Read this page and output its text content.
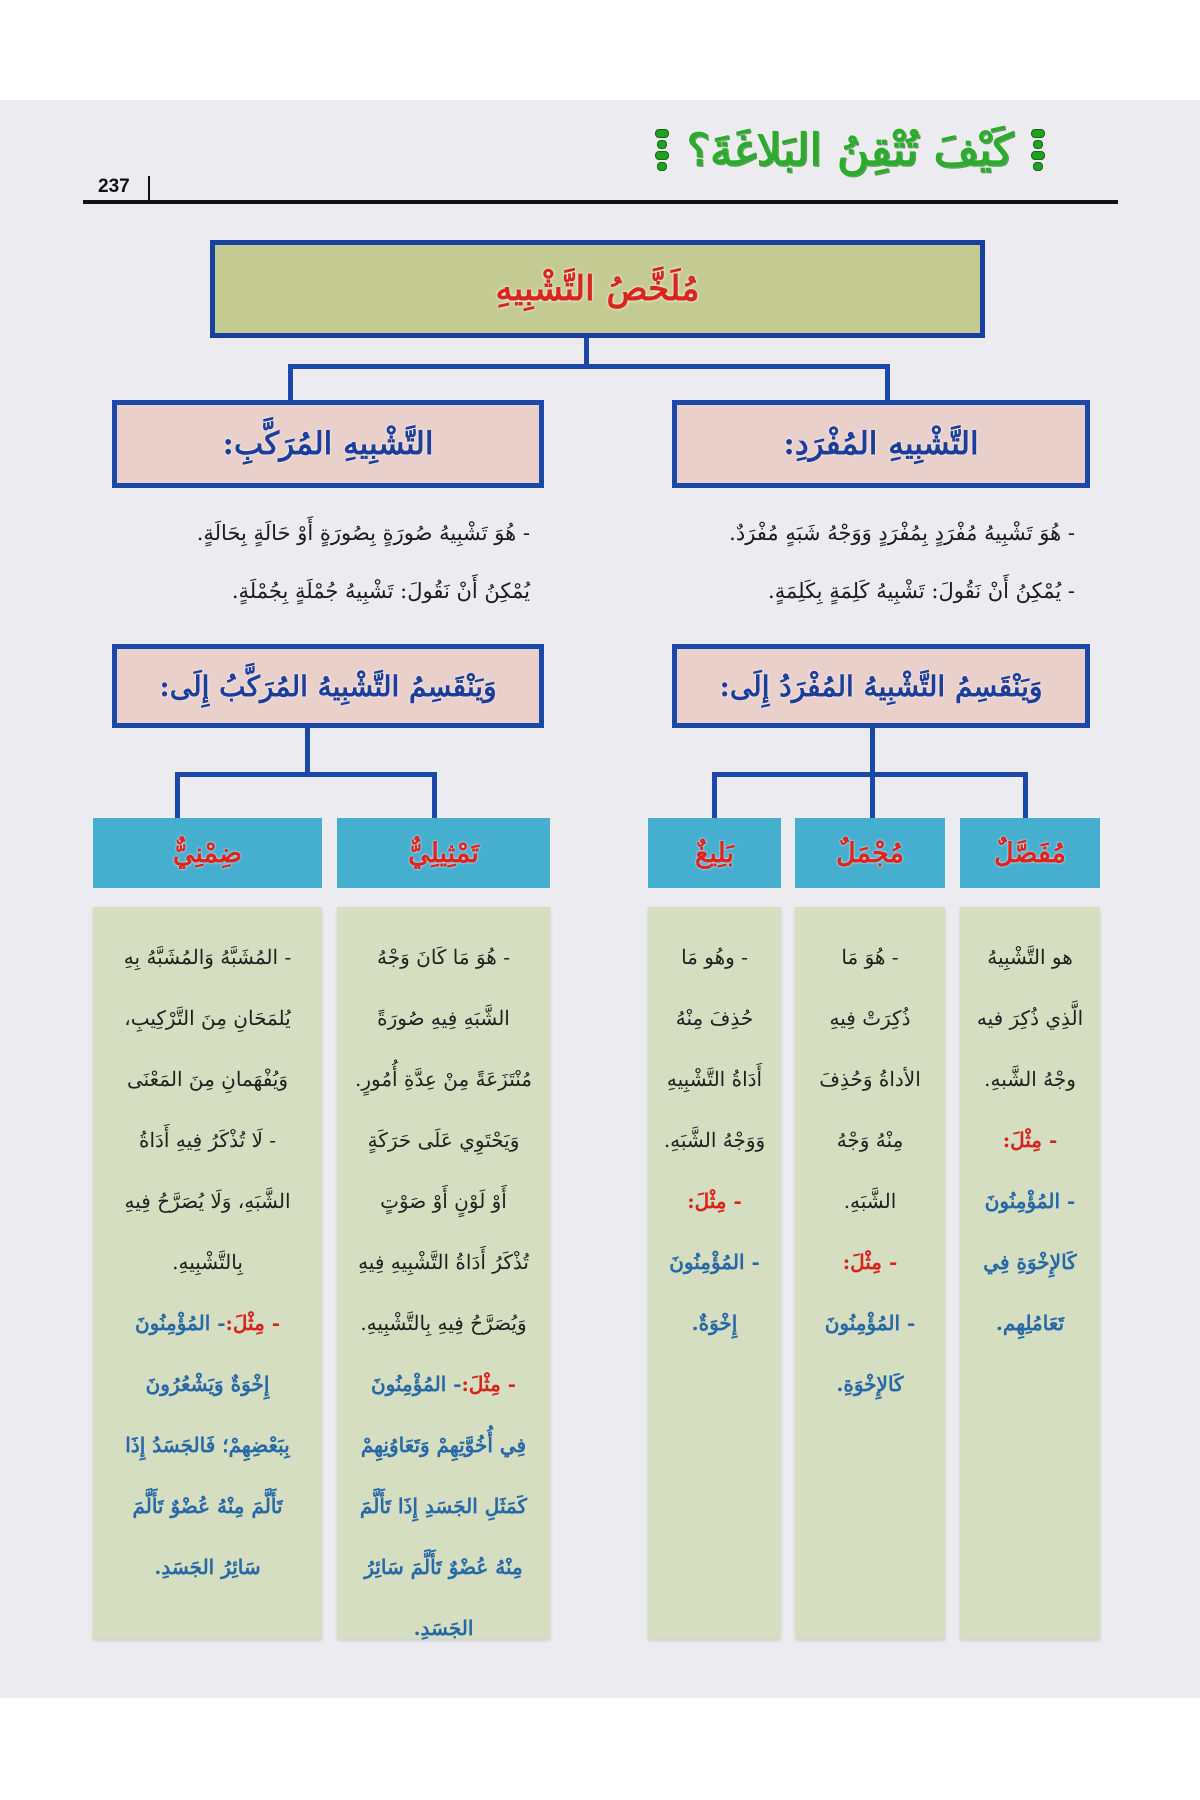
كَيْفَ تُتْقِنُ البَلاغَةَ؟
237
مُلَخَّصُ التَّشْبِيهِ
التَّشْبِيهِ المُفْرَدِ:
التَّشْبِيهِ المُرَكَّبِ:
- هُوَ تَشْبِيهُ مُفْرَدٍ بِمُفْرَدٍ وَوَجْهُ شَبَهٍ مُفْرَدٌ.
- يُمْكِنُ أَنْ نَقُولَ: تَشْبِيهُ كَلِمَةٍ بِكَلِمَةٍ.
- هُوَ تَشْبِيهُ صُورَةٍ بِصُورَةٍ أَوْ حَالَةٍ بِحَالَةٍ.
يُمْكِنُ أَنْ نَقُولَ: تَشْبِيهُ جُمْلَةٍ بِجُمْلَةٍ.
وَيَنْقَسِمُ التَّشْبِيهُ المُفْرَدُ إِلَى:
وَيَنْقَسِمُ التَّشْبِيهُ المُرَكَّبُ إِلَى:
مُفَصَّلٌ
مُجْمَلٌ
بَلِيغٌ
تَمْثِيلِيٌّ
ضِمْنِيٌّ

هو التَّشْبِيهُ

الَّذِي ذُكِرَ فيه

وجْهُ الشَّبهِ.

- مِثْلَ:

- المُؤْمِنُونَ

كَالإِخْوَةِ فِي

تَعَامُلِهِم.

- هُوَ مَا

ذُكِرَتْ فِيهِ

الأداةُ وَحُذِفَ

مِنْهُ وَجْهُ

الشَّبَهِ.

- مِثْلَ:

- المُؤْمِنُونَ

كَالإِخْوَةِ.

- وهُو مَا

حُذِفَ مِنْهُ

أَدَاةُ التَّشْبِيهِ

وَوَجْهُ الشَّبَهِ.

- مِثْلَ:

- المُؤْمِنُونَ

إِخْوَةٌ.

- هُوَ مَا كَانَ وَجْهُ

الشَّبَهِ فِيهِ صُورَةً

مُنْتَزَعَةً مِنْ عِدَّةِ أُمُورٍ.

وَيَحْتَوِي عَلَى حَرَكَةٍ

أَوْ لَوْنٍ أَوْ صَوْتٍ

تُذْكَرُ أَدَاةُ التَّشْبِيهِ فِيهِ

وَيُصَرَّحُ فِيهِ بِالتَّشْبِيهِ.

- مِثْلَ:- المُؤْمِنُونَ

فِي أُخُوَّتِهِمْ وَتَعَاوُنِهِمْ

كَمَثَلِ الجَسَدِ إِذَا تَأَلَّمَ

مِنْهُ عُضْوٌ تَأَلَّمَ سَائِرُ

الجَسَدِ.

- المُشَبَّهُ وَالمُشَبَّهُ بِهِ

يُلمَحَانِ مِنَ التَّرْكِيبِ،

وَيُفْهَمانِ مِنَ المَعْنَى

- لَا تُذْكَرُ فِيهِ أَدَاةُ

الشَّبَهِ، وَلَا يُصَرَّحُ فِيهِ

بِالتَّشْبِيهِ.

- مِثْلَ:- المُؤْمِنُونَ

إِخْوَةٌ وَيَشْعُرُونَ

بِبَعْضِهِمْ؛ فَالجَسَدُ إِذَا

تَأَلَّمَ مِنْهُ عُضْوٌ تَأَلَّمَ

سَائِرُ الجَسَدِ.
